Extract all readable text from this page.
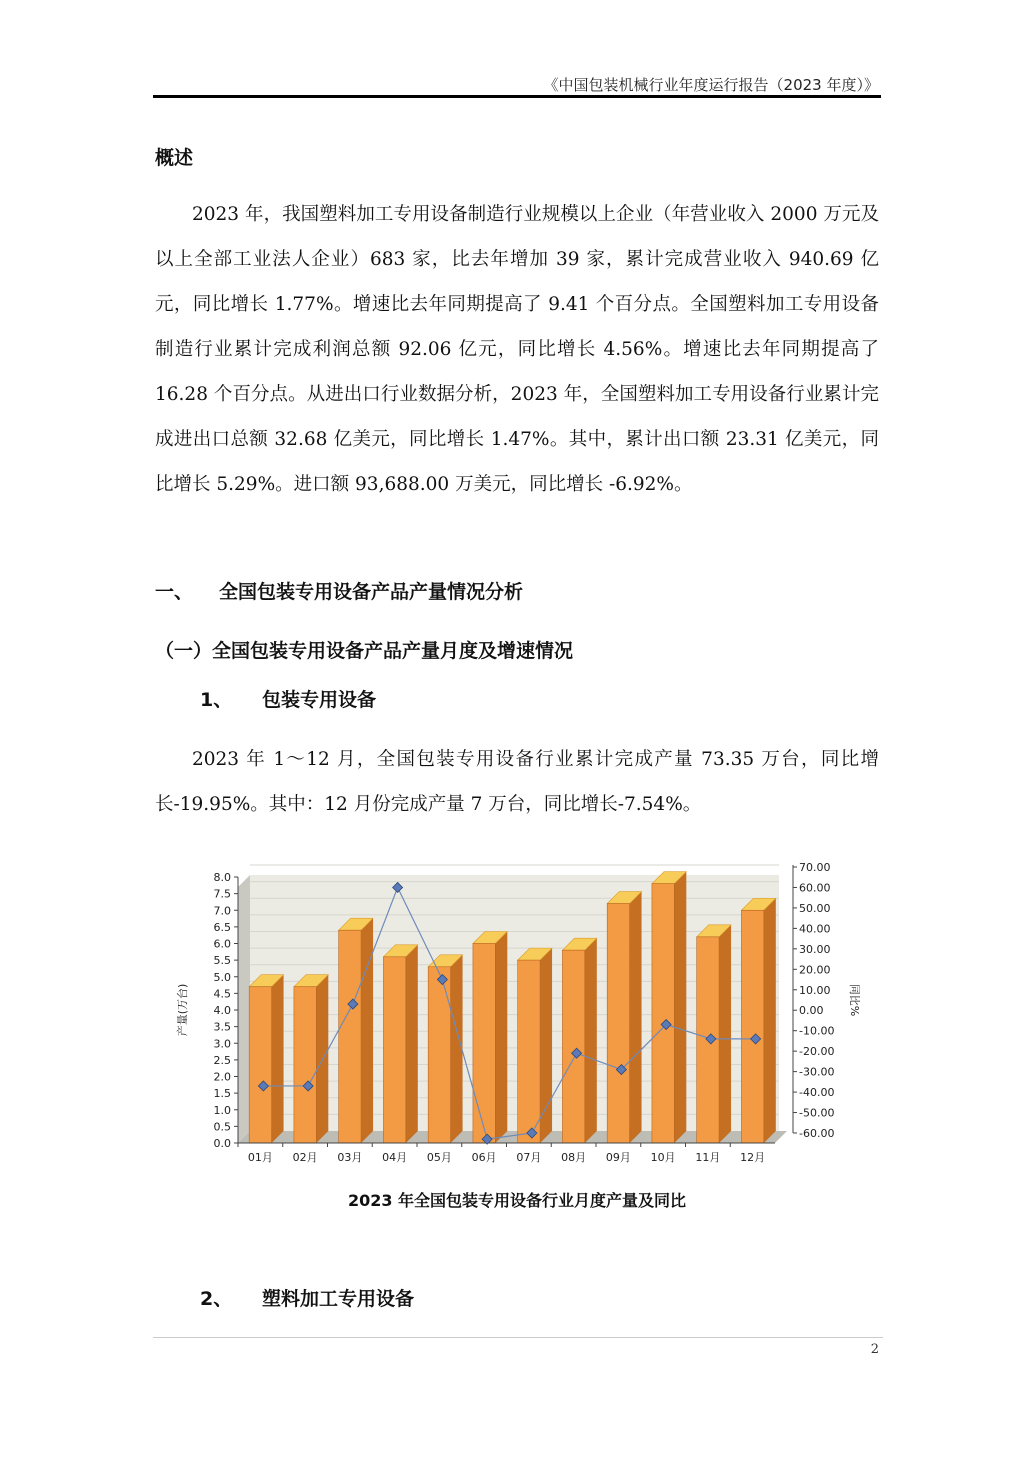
《中国包装机械行业年度运行报告（2023 年度）》
概述
2023 年，我国塑料加工专用设备制造行业规模以上企业（年营业收入 2000 万元及以上全部工业法人企业）683 家，比去年增加 39 家，累计完成营业收入 940.69 亿元，同比增长 1.77%。增速比去年同期提高了 9.41 个百分点。全国塑料加工专用设备制造行业累计完成利润总额 92.06 亿元，同比增长 4.56%。增速比去年同期提高了 16.28 个百分点。从进出口行业数据分析，2023 年，全国塑料加工专用设备行业累计完成进出口总额 32.68 亿美元，同比增长 1.47%。其中，累计出口额 23.31 亿美元，同比增长 5.29%。进口额 93,688.00 万美元，同比增长 -6.92%。
一、 全国包装专用设备产品产量情况分析
（一）全国包装专用设备产品产量月度及增速情况
1、 包装专用设备
2023 年 1～12 月，全国包装专用设备行业累计完成产量 73.35 万台，同比增长-19.95%。其中：12 月份完成产量 7 万台，同比增长-7.54%。
0.0
0.5
1.0
1.5
2.0
2.5
3.0
3.5
4.0
4.5
5.0
5.5
6.0
6.5
7.0
7.5
8.0
-60.00
-50.00
-40.00
-30.00
-20.00
-10.00
0.00
10.00
20.00
30.00
40.00
50.00
60.00
70.00
产量(万台)	同比%
01月 02月 03月 04月 05月 06月 07月 08月 09月 10月 11月 12月
2023 年全国包装专用设备行业月度产量及同比
2、 塑料加工专用设备
2
